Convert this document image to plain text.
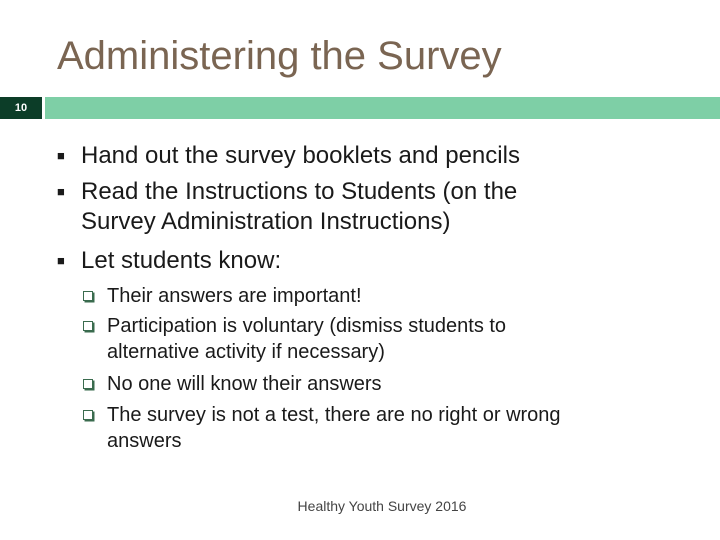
Administering the Survey
10
■ Hand out the survey booklets and pencils
■ Read the Instructions to Students (on the
Survey Administration Instructions)
■ Let students know:
Their answers are important!
Participation is voluntary (dismiss students to
alternative activity if necessary)
No one will know their answers
The survey is not a test, there are no right or wrong
answers
Healthy Youth Survey 2016
